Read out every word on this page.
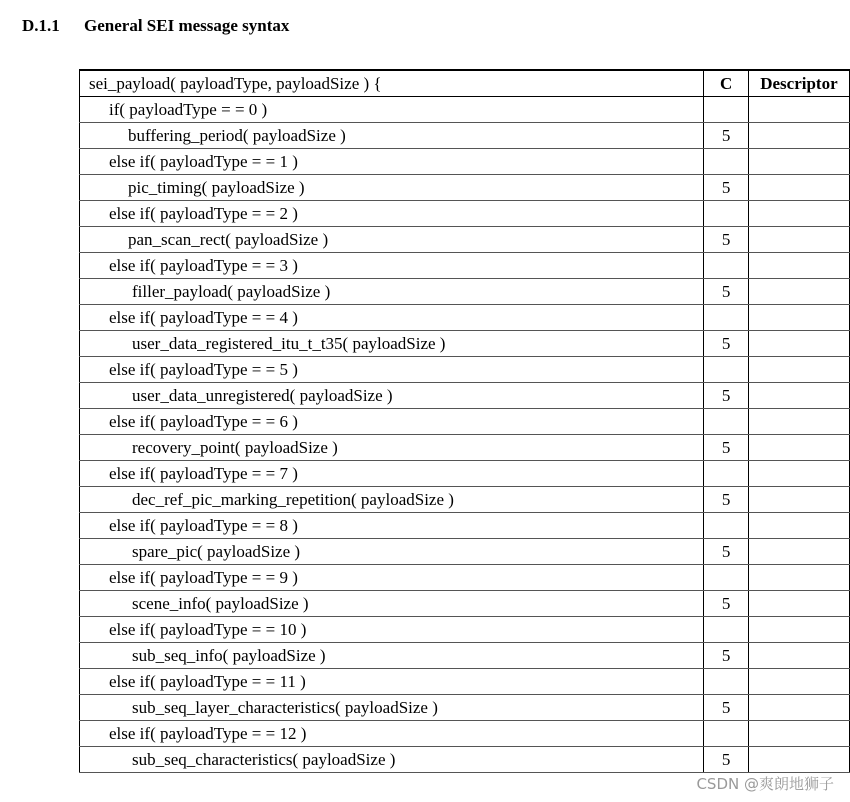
D.1.1 General SEI message syntax
sei_payload( payloadType, payloadSize ) {	C	Descriptor
if( payloadType = = 0 )		
buffering_period( payloadSize )	5	
else if( payloadType = = 1 )		
pic_timing( payloadSize )	5	
else if( payloadType = = 2 )		
pan_scan_rect( payloadSize )	5	
else if( payloadType = = 3 )		
filler_payload( payloadSize )	5	
else if( payloadType = = 4 )		
user_data_registered_itu_t_t35( payloadSize )	5	
else if( payloadType = = 5 )		
user_data_unregistered( payloadSize )	5	
else if( payloadType = = 6 )		
recovery_point( payloadSize )	5	
else if( payloadType = = 7 )		
dec_ref_pic_marking_repetition( payloadSize )	5	
else if( payloadType = = 8 )		
spare_pic( payloadSize )	5	
else if( payloadType = = 9 )		
scene_info( payloadSize )	5	
else if( payloadType = = 10 )		
sub_seq_info( payloadSize )	5	
else if( payloadType = = 11 )		
sub_seq_layer_characteristics( payloadSize )	5	
else if( payloadType = = 12 )		
sub_seq_characteristics( payloadSize )	5	
CSDN @爽朗地狮子
